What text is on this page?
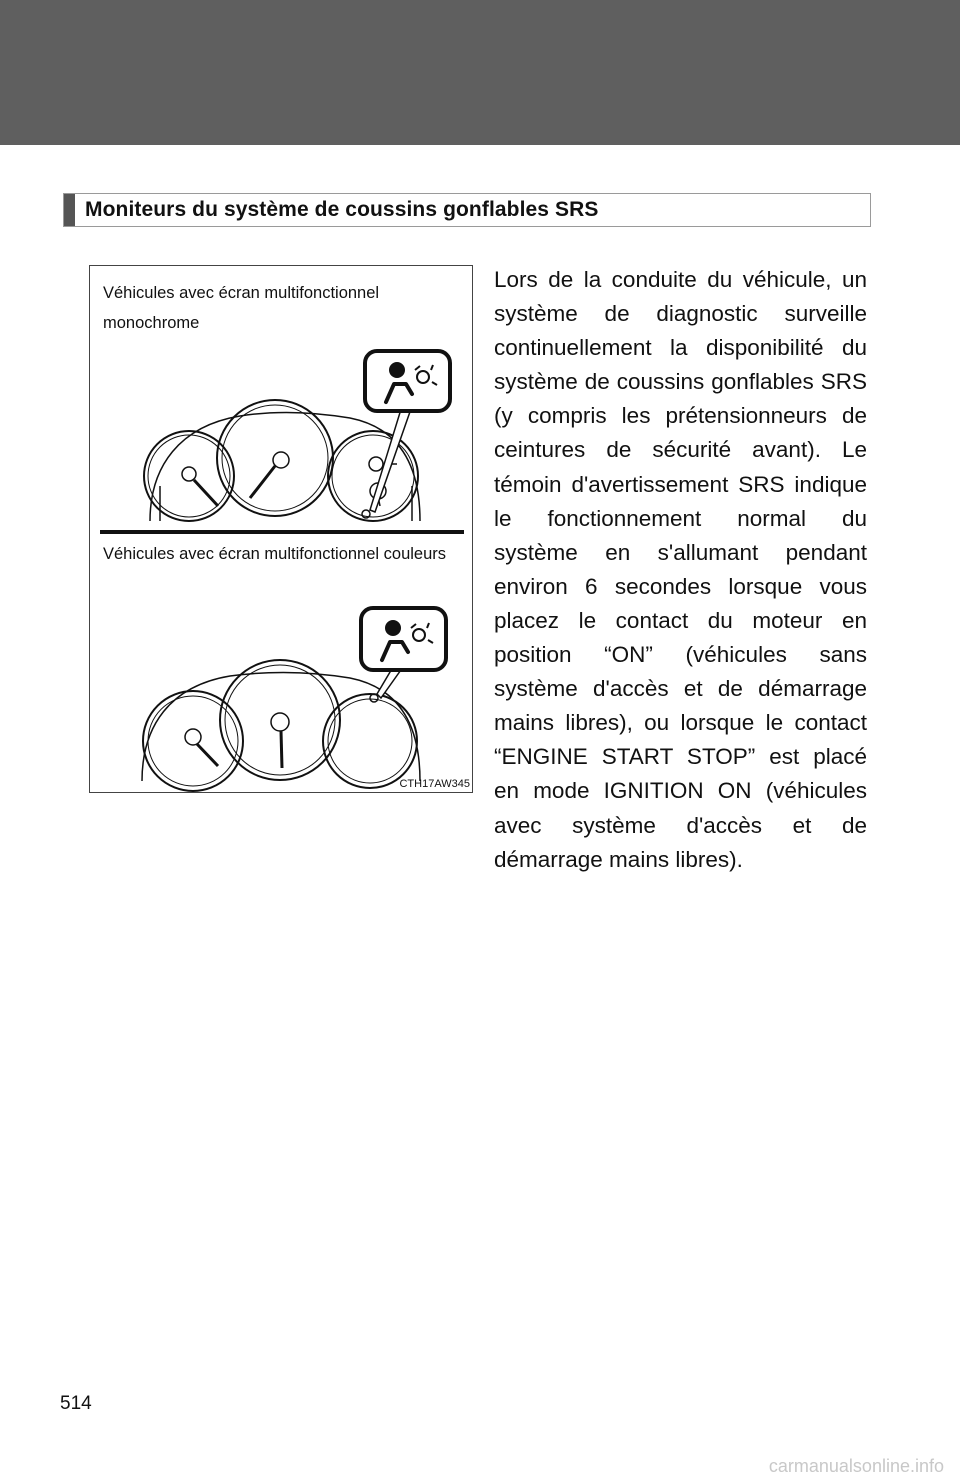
Moniteurs du système de coussins gonflables SRS
Véhicules avec écran multifonctionnel monochrome
Véhicules avec écran multifonctionnel couleurs
CTH17AW345
Lors de la conduite du véhicule, un système de diagnostic surveille continuellement la disponibilité du système de coussins gonflables SRS (y compris les prétensionneurs de ceintures de sécurité avant). Le témoin d'avertissement SRS indique le fonctionnement normal du système en s'allumant pendant environ 6 secondes lorsque vous placez le contact du moteur en position “ON” (véhicules sans système d'accès et de démarrage mains libres), ou lorsque le contact “ENGINE START STOP” est placé en mode IGNITION ON (véhicules avec système d'accès et de démarrage mains libres).
514
carmanualsonline.info
